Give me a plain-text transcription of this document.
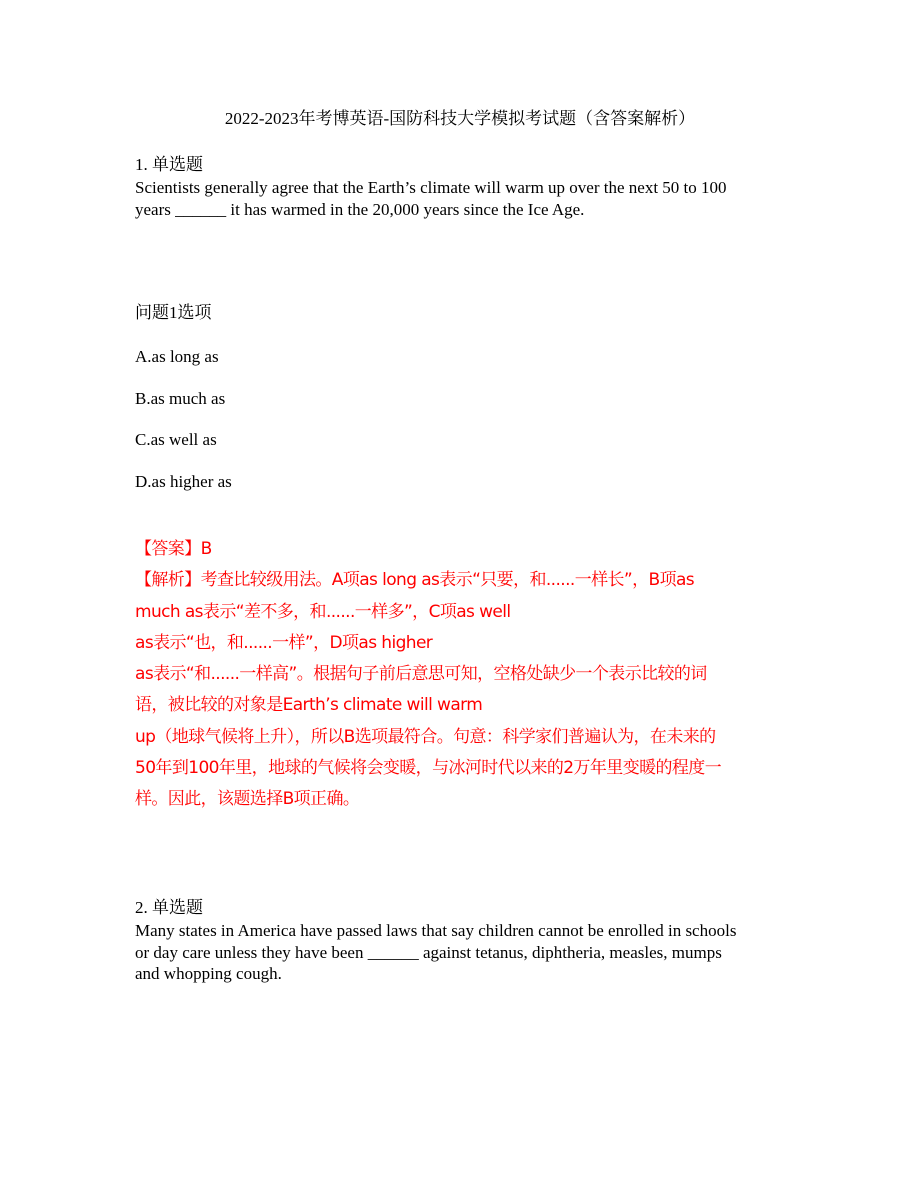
2022-2023年考博英语-国防科技大学模拟考试题（含答案解析）
1. 单选题
Scientists generally agree that the Earth’s climate will warm up over the next 50 to 100
years ______ it has warmed in the 20,000 years since the Ice Age.
问题1选项
A.as long as
B.as much as
C.as well as
D.as higher as
【答案】B
【解析】考查比较级用法。A项as long as表示“只要，和......一样长”，B项as
much as表示“差不多，和......一样多”，C项as well
as表示“也，和......一样”，D项as higher
as表示“和......一样高”。根据句子前后意思可知，空格处缺少一个表示比较的词
语，被比较的对象是Earth’s climate will warm
up（地球气候将上升），所以B选项最符合。句意：科学家们普遍认为，在未来的
50年到100年里，地球的气候将会变暖，与冰河时代以来的2万年里变暖的程度一
样。因此，该题选择B项正确。
2. 单选题
Many states in America have passed laws that say children cannot be enrolled in schools
or day care unless they have been ______ against tetanus, diphtheria, measles, mumps
and whopping cough.
